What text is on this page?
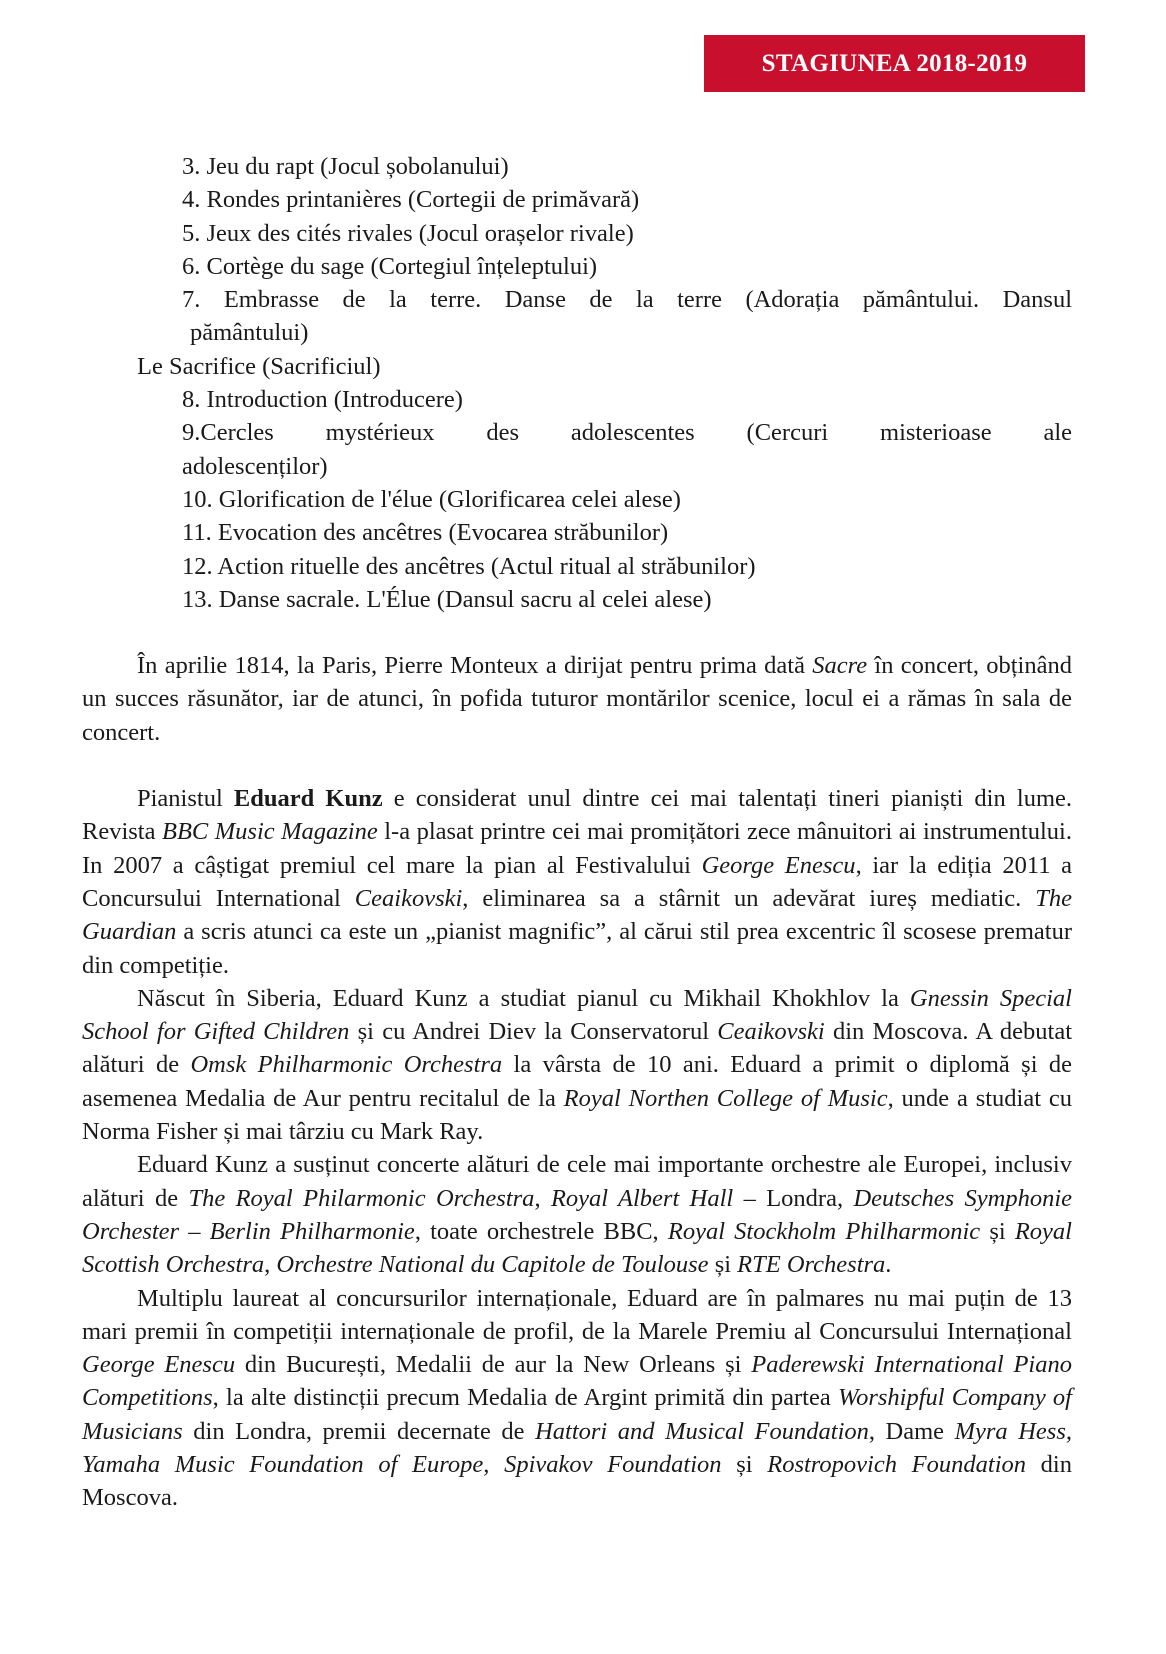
STAGIUNEA 2018-2019
3. Jeu du rapt (Jocul șobolanului)
4. Rondes printanières (Cortegii de primăvară)
5. Jeux des cités rivales (Jocul orașelor rivale)
6. Cortège du sage (Cortegiul înțeleptului)
7. Embrasse de la terre. Danse de la terre (Adorația pământului. Dansul
pământului)
Le Sacrifice (Sacrificiul)
8. Introduction (Introducere)
9.Cercles mystérieux des adolescentes (Cercuri misterioase ale
adolescenților)
10. Glorification de l'élue (Glorificarea celei alese)
11. Evocation des ancêtres (Evocarea străbunilor)
12. Action rituelle des ancêtres (Actul ritual al străbunilor)
13. Danse sacrale. L'Élue (Dansul sacru al celei alese)

În aprilie 1814, la Paris, Pierre Monteux a dirijat pentru prima dată Sacre în concert, obținând un succes răsunător, iar de atunci, în pofida tuturor montărilor scenice, locul ei a rămas în sala de concert.

Pianistul Eduard Kunz e considerat unul dintre cei mai talentați tineri pianiști din lume. Revista BBC Music Magazine l-a plasat printre cei mai promițători zece mânuitori ai instrumentului. In 2007 a câștigat premiul cel mare la pian al Festivalului George Enescu, iar la ediția 2011 a Concursului International Ceaikovski, eliminarea sa a stârnit un adevărat iureș mediatic. The Guardian a scris atunci ca este un „pianist magnific”, al cărui stil prea excentric îl scosese prematur din competiție.

Născut în Siberia, Eduard Kunz a studiat pianul cu Mikhail Khokhlov la Gnessin Special School for Gifted Children și cu Andrei Diev la Conservatorul Ceaikovski din Moscova. A debutat alături de Omsk Philharmonic Orchestra la vârsta de 10 ani. Eduard a primit o diplomă și de asemenea Medalia de Aur pentru recitalul de la Royal Northen College of Music, unde a studiat cu Norma Fisher și mai târziu cu Mark Ray.

Eduard Kunz a susținut concerte alături de cele mai importante orchestre ale Europei, inclusiv alături de The Royal Philarmonic Orchestra, Royal Albert Hall – Londra, Deutsches Symphonie Orchester – Berlin Philharmonie, toate orchestrele BBC, Royal Stockholm Philharmonic și Royal Scottish Orchestra, Orchestre National du Capitole de Toulouse și RTE Orchestra.

Multiplu laureat al concursurilor internaționale, Eduard are în palmares nu mai puțin de 13 mari premii în competiții internaționale de profil, de la Marele Premiu al Concursului Internațional George Enescu din București, Medalii de aur la New Orleans și Paderewski International Piano Competitions, la alte distincții precum Medalia de Argint primită din partea Worshipful Company of Musicians din Londra, premii decernate de Hattori and Musical Foundation, Dame Myra Hess, Yamaha Music Foundation of Europe, Spivakov Foundation și Rostropovich Foundation din Moscova.
